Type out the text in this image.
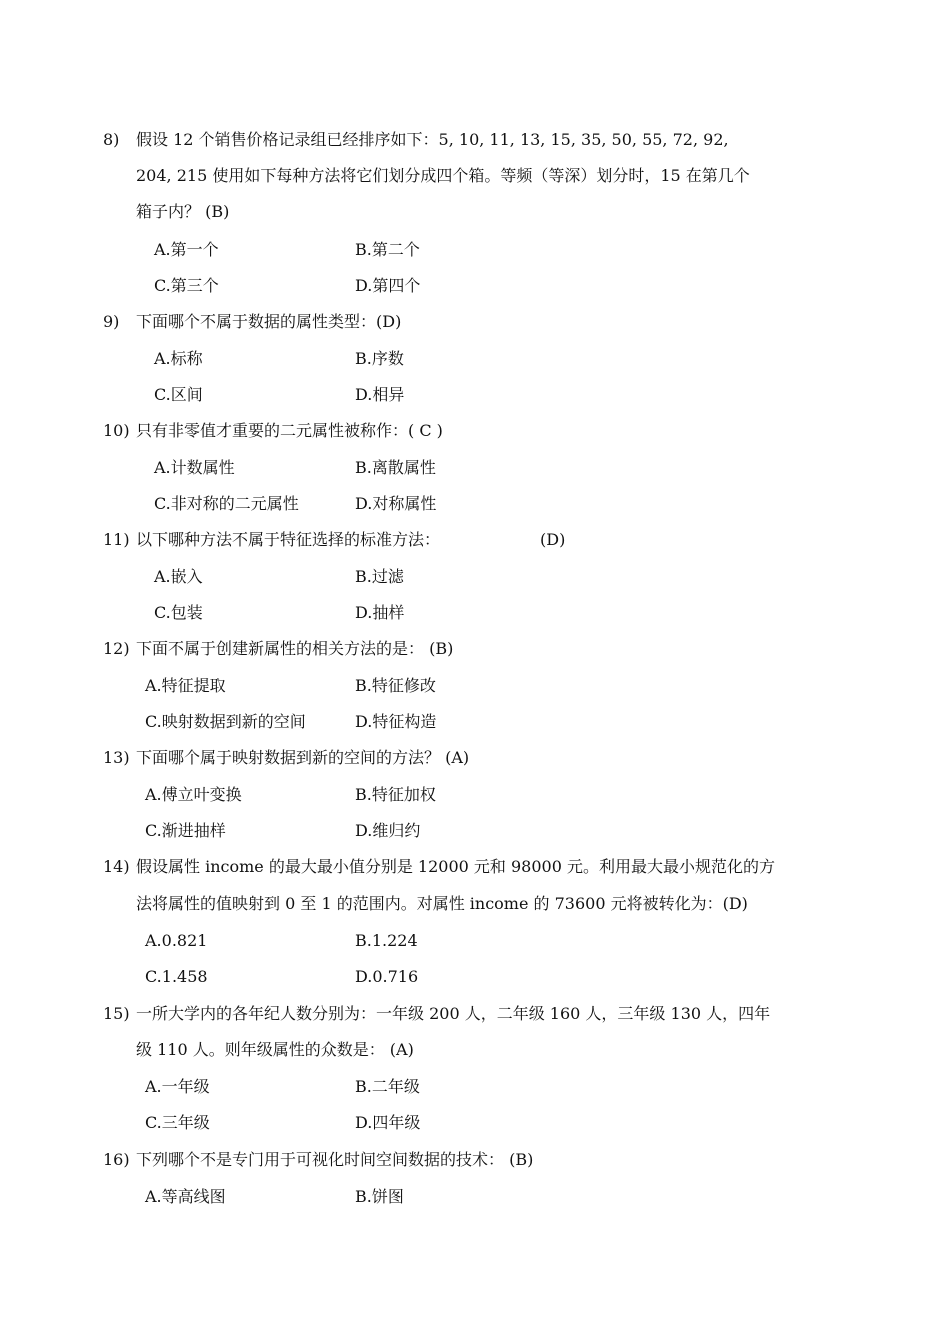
8) 假设 12 个销售价格记录组已经排序如下：5, 10, 11, 13, 15, 35, 50, 55, 72, 92,
204, 215 使用如下每种方法将它们划分成四个箱。等频（等深）划分时，15 在第几个
箱子内？ (B)
A.第一个	B.第二个
C.第三个	D.第四个
9) 下面哪个不属于数据的属性类型：(D)
A.标称	B.序数
C.区间	D.相异
10) 只有非零值才重要的二元属性被称作：( C )
A.计数属性	B.离散属性
C.非对称的二元属性	D.对称属性
11) 以下哪种方法不属于特征选择的标准方法：	(D)
A.嵌入	B.过滤
C.包装	D.抽样
12) 下面不属于创建新属性的相关方法的是： (B)
A.特征提取	B.特征修改
C.映射数据到新的空间	D.特征构造
13) 下面哪个属于映射数据到新的空间的方法？ (A)
A.傅立叶变换	B.特征加权
C.渐进抽样	D.维归约
14) 假设属性 income 的最大最小值分别是 12000 元和 98000 元。利用最大最小规范化的方
法将属性的值映射到 0 至 1 的范围内。对属性 income 的 73600 元将被转化为：(D)
A.0.821	B.1.224
C.1.458	D.0.716
15) 一所大学内的各年纪人数分别为：一年级 200 人，二年级 160 人，三年级 130 人，四年
级 110 人。则年级属性的众数是： (A)
A.一年级	B.二年级
C.三年级	D.四年级
16) 下列哪个不是专门用于可视化时间空间数据的技术： (B)
A.等高线图	B.饼图
